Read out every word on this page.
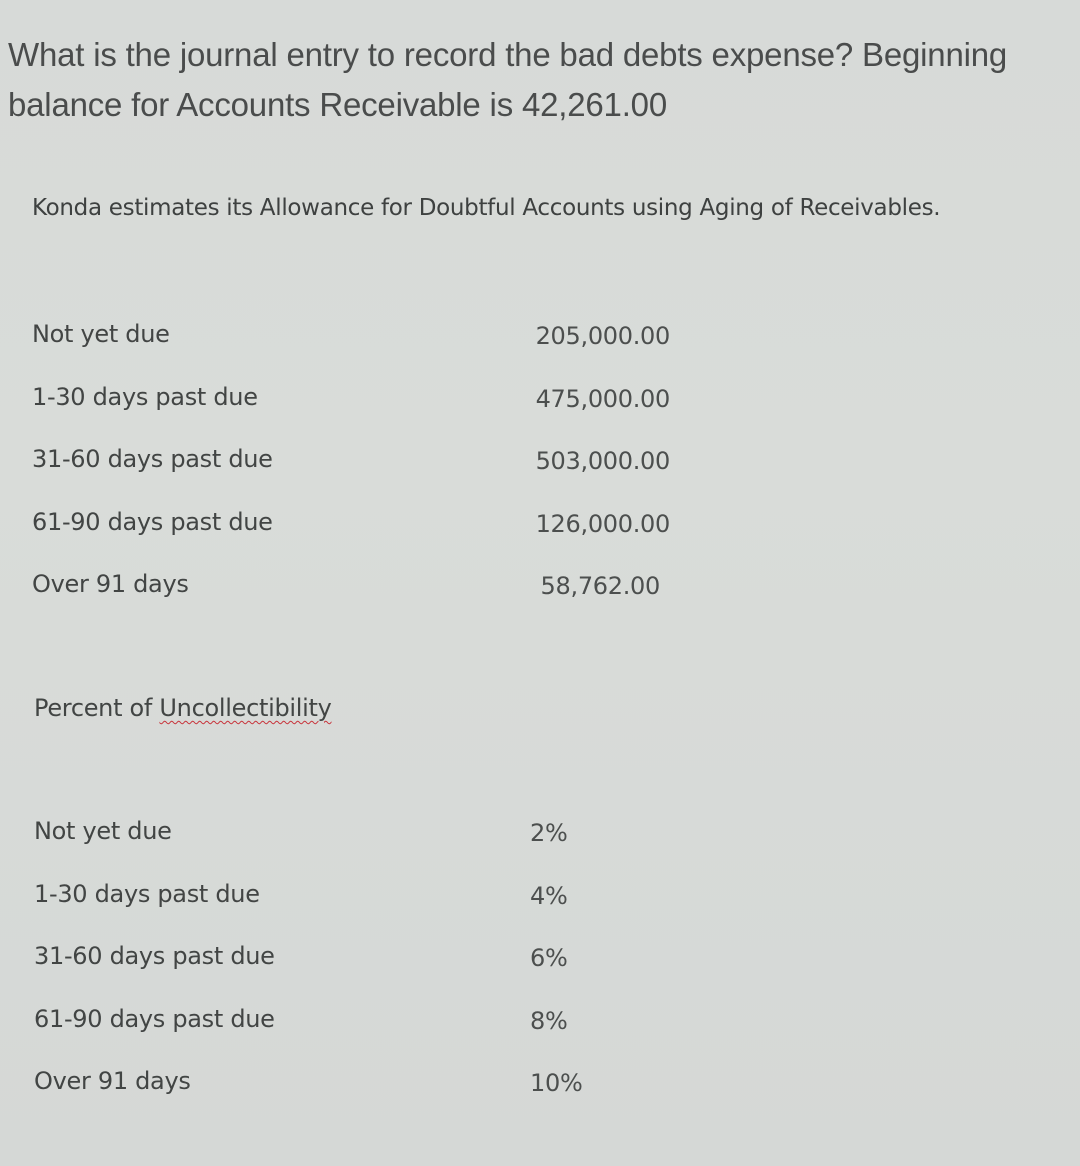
What is the journal entry to record the bad debts expense? Beginning balance for Accounts Receivable is 42,261.00

Konda estimates its Allowance for Doubtful Accounts using Aging of Receivables.

Not yet due	205,000.00
1-30 days past due	475,000.00
31-60 days past due	503,000.00
61-90 days past due	126,000.00
Over 91 days	58,762.00

Percent of Uncollectibility

Not yet due	2%
1-30 days past due	4%
31-60 days past due	6%
61-90 days past due	8%
Over 91 days	10%
